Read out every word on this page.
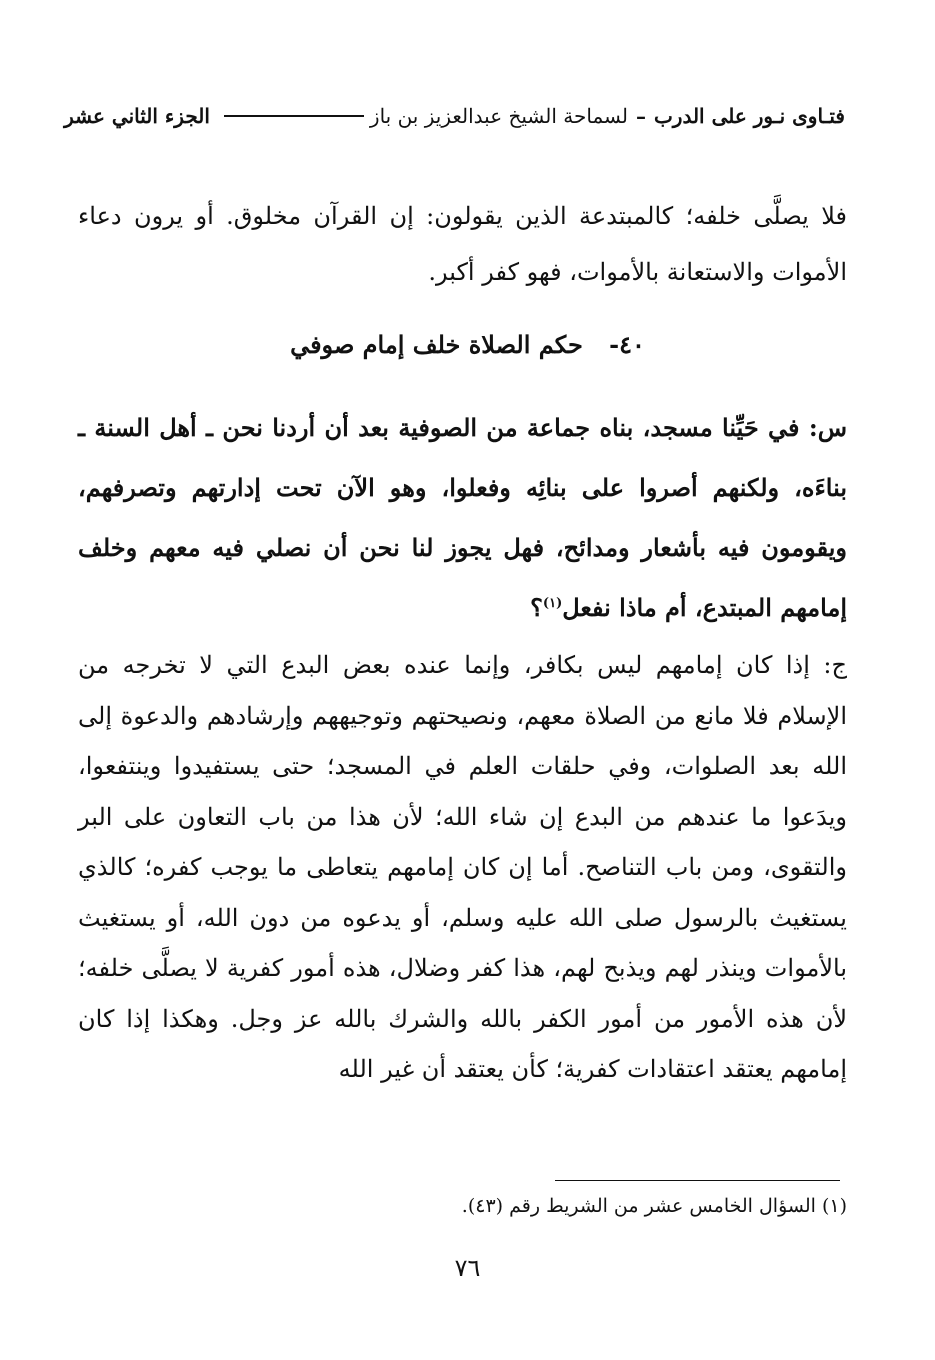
فتـاوى نـور على الدرب
–
لسماحة الشيخ عبدالعزيز بن باز
الجزء الثاني عشر

فلا يصلَّى خلفه؛ كالمبتدعة الذين يقولون: إن القرآن مخلوق. أو يرون دعاء الأموات والاستعانة بالأموات، فهو كفر أكبر.

٤٠- حكم الصلاة خلف إمام صوفي

س: في حَيِّنا مسجد، بناه جماعة من الصوفية بعد أن أردنا نحن ـ أهل السنة ـ بناءَه، ولكنهم أصروا على بنائِه وفعلوا، وهو الآن تحت إدارتهم وتصرفهم، ويقومون فيه بأشعار ومدائح، فهل يجوز لنا نحن أن نصلي فيه معهم وخلف إمامهم المبتدع، أم ماذا نفعل$^{(١)}$؟

ج: إذا كان إمامهم ليس بكافر، وإنما عنده بعض البدع التي لا تخرجه من الإسلام فلا مانع من الصلاة معهم، ونصيحتهم وتوجيههم وإرشادهم والدعوة إلى الله بعد الصلوات، وفي حلقات العلم في المسجد؛ حتى يستفيدوا وينتفعوا، ويدَعوا ما عندهم من البدع إن شاء الله؛ لأن هذا من باب التعاون على البر والتقوى، ومن باب التناصح. أما إن كان إمامهم يتعاطى ما يوجب كفره؛ كالذي يستغيث بالرسول صلى الله عليه وسلم، أو يدعوه من دون الله، أو يستغيث بالأموات وينذر لهم ويذبح لهم، هذا كفر وضلال، هذه أمور كفرية لا يصلَّى خلفه؛ لأن هذه الأمور من أمور الكفر بالله والشرك بالله عز وجل. وهكذا إذا كان إمامهم يعتقد اعتقادات كفرية؛ كأن يعتقد أن غير الله

(١) السؤال الخامس عشر من الشريط رقم (٤٣).

٧٦
